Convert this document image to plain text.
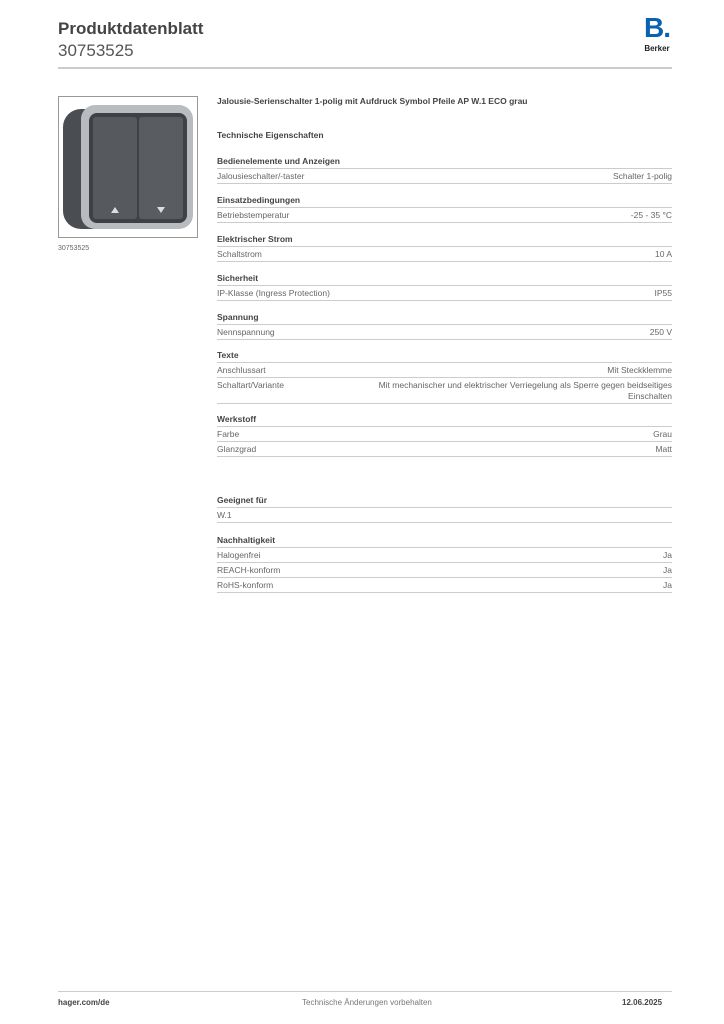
Produktdatenblatt
30753525
B.
Berker
30753525
Jalousie-Serienschalter 1-polig mit Aufdruck Symbol Pfeile AP W.1 ECO grau
Technische Eigenschaften
Bedienelemente und Anzeigen
Jalousieschalter/-taster	Schalter 1-polig
Einsatzbedingungen
Betriebstemperatur	-25 - 35 °C
Elektrischer Strom
Schaltstrom	10 A
Sicherheit
IP-Klasse (Ingress Protection)	IP55
Spannung
Nennspannung	250 V
Texte
Anschlussart	Mit Steckklemme
Schaltart/Variante	Mit mechanischer und elektrischer Verriegelung als Sperre gegen beidseitiges Einschalten
Werkstoff
Farbe	Grau
Glanzgrad	Matt
Geeignet für
W.1
Nachhaltigkeit
Halogenfrei	Ja
REACH-konform	Ja
RoHS-konform	Ja
hager.com/de	Technische Änderungen vorbehalten	12.06.2025
